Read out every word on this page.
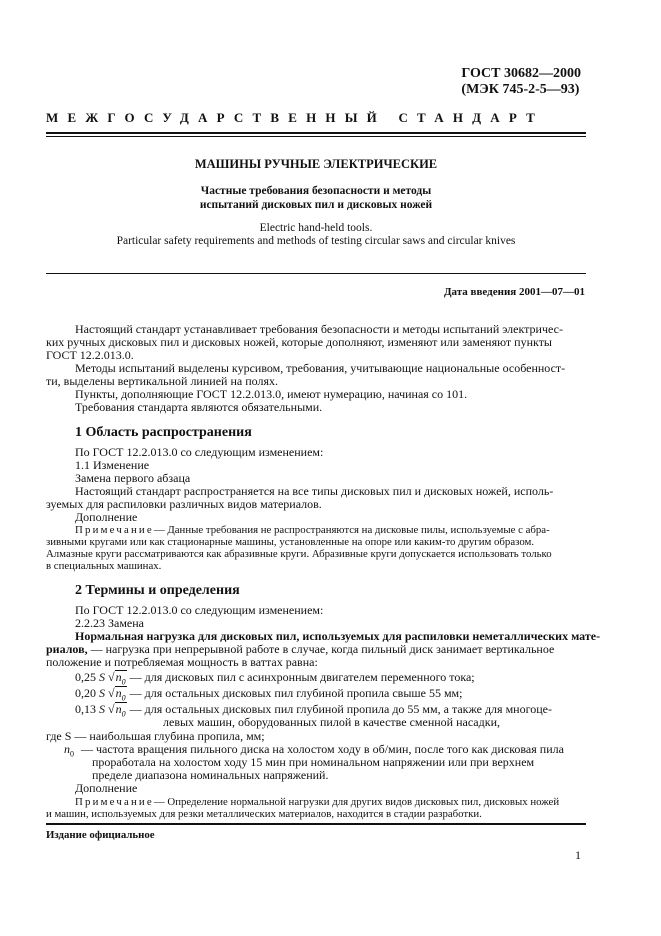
ГОСТ 30682—2000
(МЭК 745-2-5—93)
МЕЖГОСУДАРСТВЕННЫЙ СТАНДАРТ
МАШИНЫ РУЧНЫЕ ЭЛЕКТРИЧЕСКИЕ
Частные требования безопасности и методы
испытаний дисковых пил и дисковых ножей
Electric hand-held tools.
Particular safety requirements and methods of testing circular saws and circular knives
Дата введения 2001—07—01
Настоящий стандарт устанавливает требования безопасности и методы испытаний электричес-
ких ручных дисковых пил и дисковых ножей, которые дополняют, изменяют или заменяют пункты
ГОСТ 12.2.013.0.
Методы испытаний выделены курсивом, требования, учитывающие национальные особенност-
ти, выделены вертикальной линией на полях.
Пункты, дополняющие ГОСТ 12.2.013.0, имеют нумерацию, начиная со 101.
Требования стандарта являются обязательными.
1 Область распространения
По ГОСТ 12.2.013.0 со следующим изменением:
1.1 Изменение
Замена первого абзаца
Настоящий стандарт распространяется на все типы дисковых пил и дисковых ножей, исполь-
зуемых для распиловки различных видов материалов.
Дополнение
Примечание— Данные требования не распространяются на дисковые пилы, используемые с абра-
зивными кругами или как стационарные машины, установленные на опоре или каким-то другим образом.
Алмазные круги рассматриваются как абразивные круги. Абразивные круги допускается использовать только
в специальных машинах.
2 Термины и определения
По ГОСТ 12.2.013.0 со следующим изменением:
2.2.23 Замена
Нормальная нагрузка для дисковых пил, используемых для распиловки неметаллических мате-
риалов, — нагрузка при непрерывной работе в случае, когда пильный диск занимает вертикальное
положение и потребляемая мощность в ваттах равна:
0,25 S $√n_0$ — для дисковых пил с асинхронным двигателем переменного тока;
0,20 S $√n_0$ — для остальных дисковых пил глубиной пропила свыше 55 мм;
0,13 S $√n_0$ — для остальных дисковых пил глубиной пропила до 55 мм, а также для многоце-
левых машин, оборудованных пилой в качестве сменной насадки,
где S — наибольшая глубина пропила, мм;
$n_0$ — частота вращения пильного диска на холостом ходу в об/мин, после того как дисковая пила
проработала на холостом ходу 15 мин при номинальном напряжении или при верхнем
пределе диапазона номинальных напряжений.
Дополнение
Примечание— Определение нормальной нагрузки для других видов дисковых пил, дисковых ножей
и машин, используемых для резки металлических материалов, находится в стадии разработки.
Издание официальное
1
